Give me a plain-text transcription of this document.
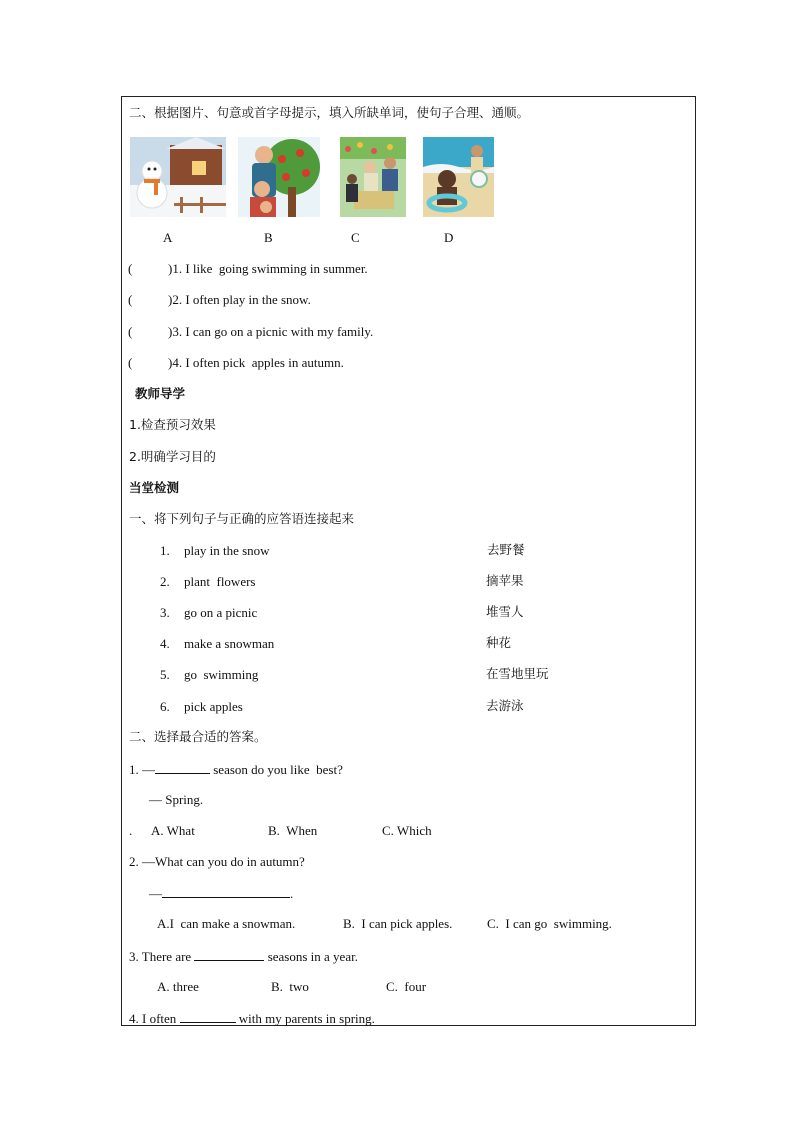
二、根据图片、句意或首字母提示，填入所缺单词，使句子合理、通顺。
A	B	C	D
(	)1. I like  going swimming in summer.
(	)2. I often play in the snow.
(	)3. I can go on a picnic with my family.
(	)4. I often pick  apples in autumn.
教师导学
1.检查预习效果
2.明确学习目的
当堂检测
一、将下列句子与正确的应答语连接起来
1. play in the snow	去野餐
2. plant  flowers	摘苹果
3. go on a picnic	堆雪人
4. make a snowman	种花
5. go  swimming	在雪地里玩
6. pick apples	去游泳
二、选择最合适的答案。
1. —	season do you like  best?
— Spring.
. A. What	B.  When	C. Which
2. —What can you do in autumn?
—	.
A.I  can make a snowman.	B.  I can pick apples.	C.  I can go  swimming.
3. There are	seasons in a year.
A. three	B.  two	C.  four
4. I often	with my parents in spring.
